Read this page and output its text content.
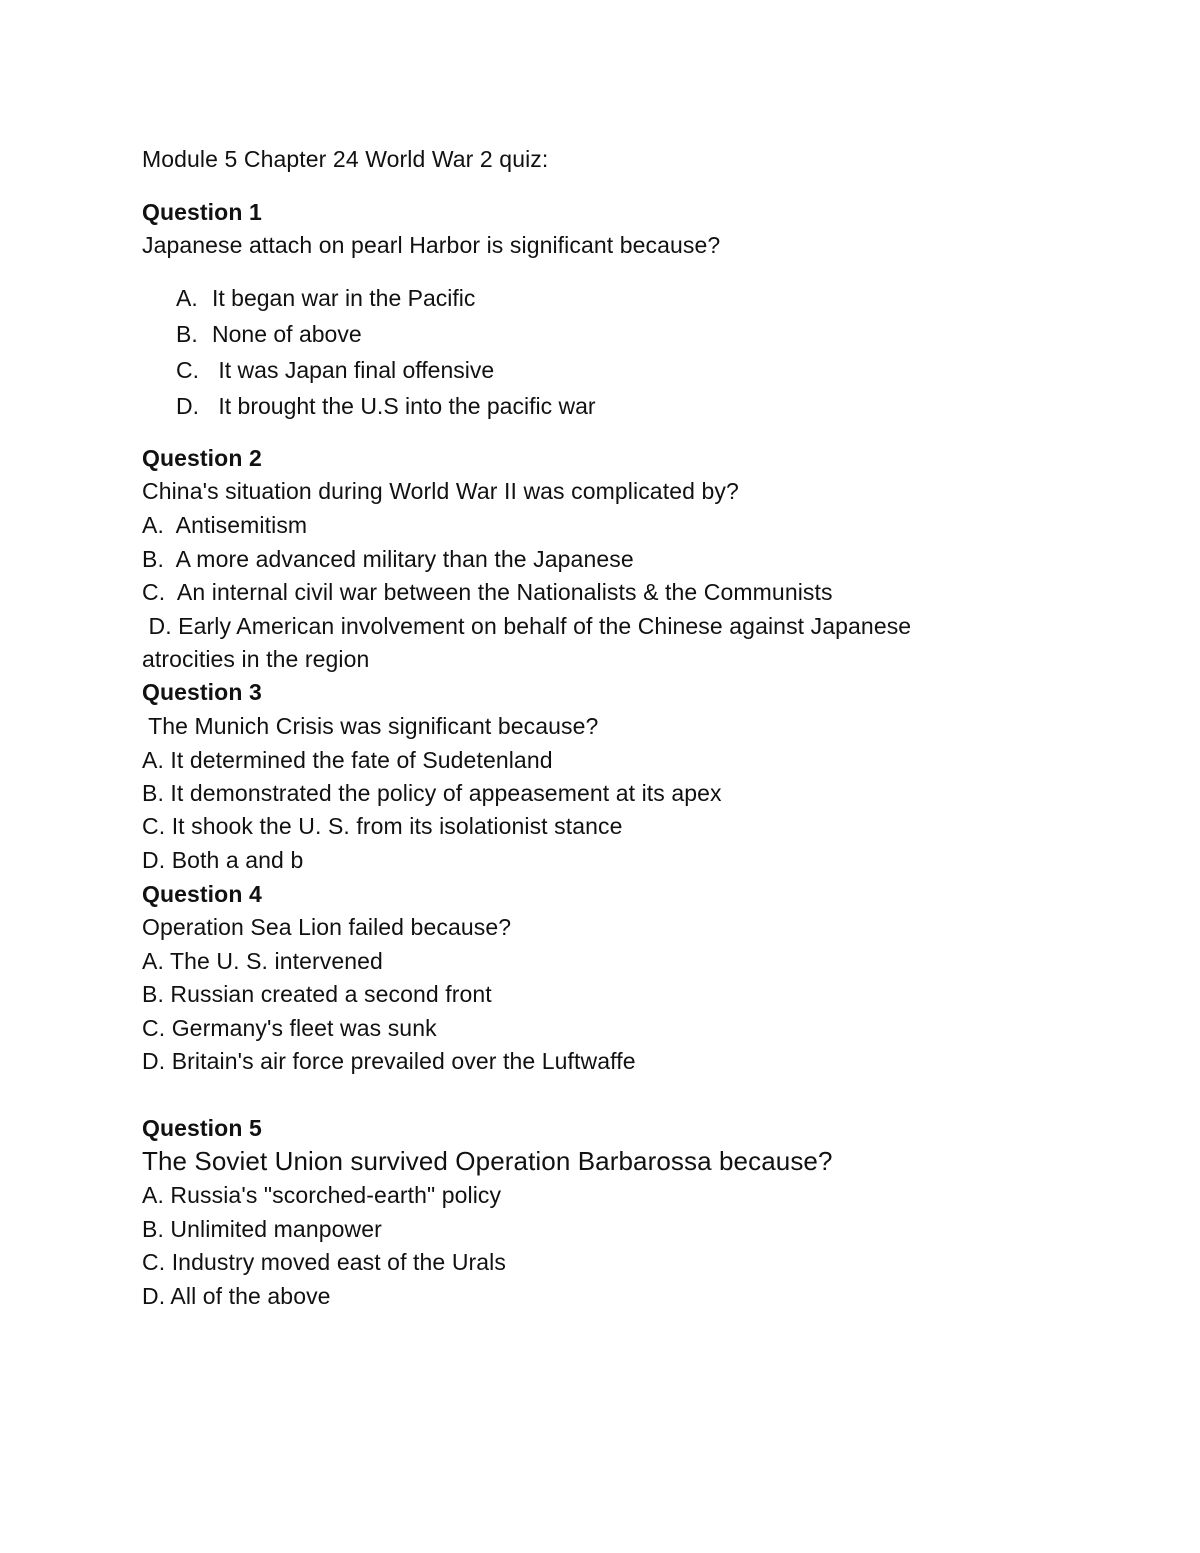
Module 5 Chapter 24 World War 2 quiz:
Question 1
Japanese attach on pearl Harbor is significant because?
A. It began war in the Pacific
B. None of above
C. It was Japan final offensive
D. It brought the U.S into the pacific war
Question 2
China's situation during World War II was complicated by?
A.  Antisemitism
B.  A more advanced military than the Japanese
C.  An internal civil war between the Nationalists & the Communists
D. Early American involvement on behalf of the Chinese against Japanese
atrocities in the region
Question 3
The Munich Crisis was significant because?
A. It determined the fate of Sudetenland
B. It demonstrated the policy of appeasement at its apex
C. It shook the U. S. from its isolationist stance
D. Both a and b
Question 4
Operation Sea Lion failed because?
A. The U. S. intervened
B. Russian created a second front
C. Germany's fleet was sunk
D. Britain's air force prevailed over the Luftwaffe
Question 5
The Soviet Union survived Operation Barbarossa because?
A. Russia's "scorched-earth" policy
B. Unlimited manpower
C. Industry moved east of the Urals
D. All of the above
